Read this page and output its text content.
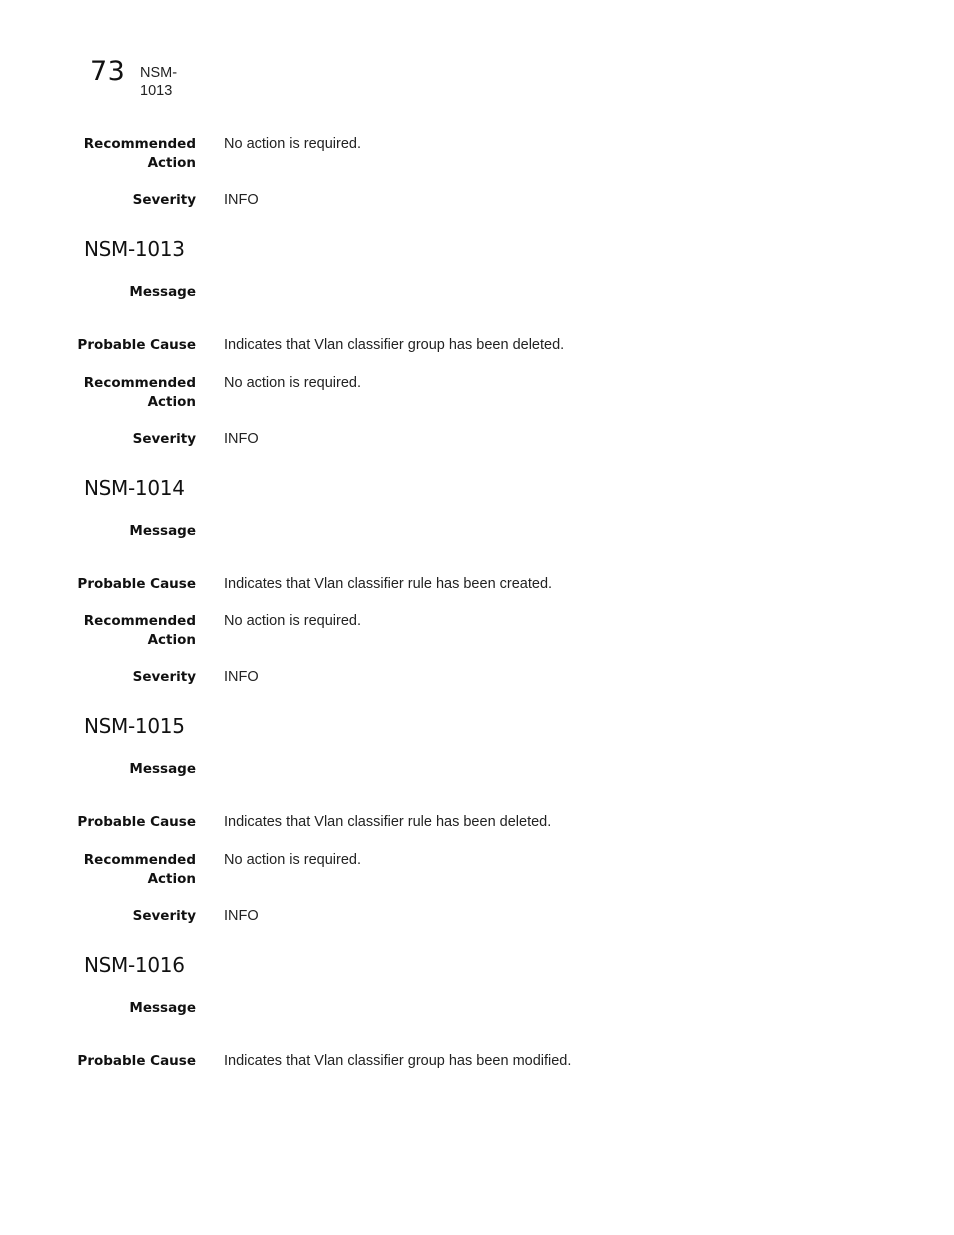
73 NSM-1013
Recommended Action
No action is required.
Severity INFO
NSM-1013
Message
Probable Cause Indicates that Vlan classifier group has been deleted.
Recommended Action
No action is required.
Severity INFO
NSM-1014
Message
Probable Cause Indicates that Vlan classifier rule has been created.
Recommended Action
No action is required.
Severity INFO
NSM-1015
Message
Probable Cause Indicates that Vlan classifier rule has been deleted.
Recommended Action
No action is required.
Severity INFO
NSM-1016
Message
Probable Cause Indicates that Vlan classifier group has been modified.
